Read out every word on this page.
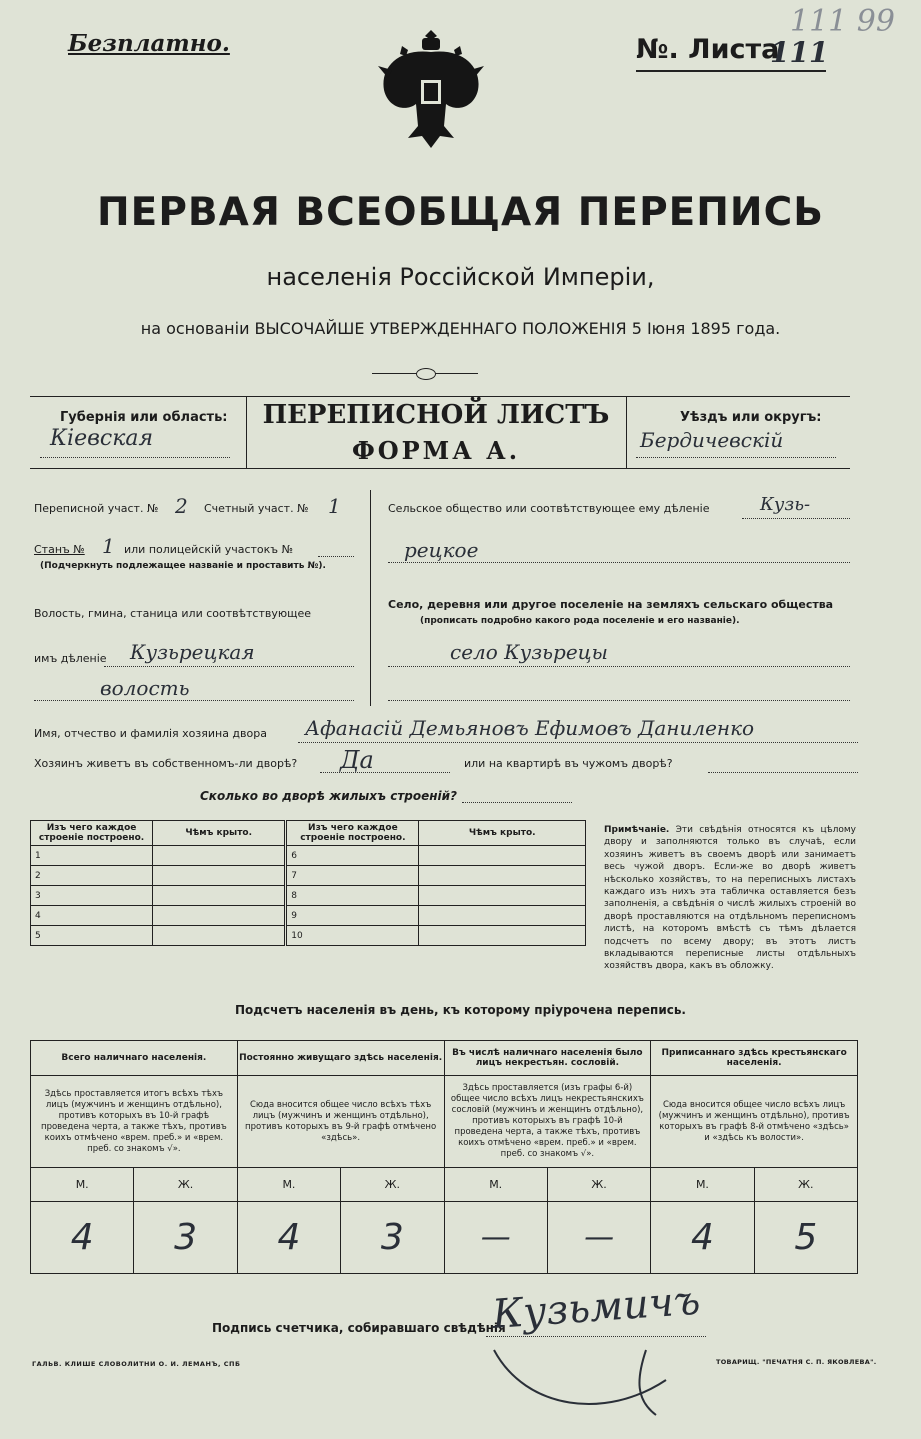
Безплатно.	№. Листа
111
111 99
ПЕРВАЯ ВСЕОБЩАЯ ПЕРЕПИСЬ
населенія Россійской Имперіи,
на основаніи ВЫСОЧАЙШЕ УТВЕРЖДЕННАГО ПОЛОЖЕНІЯ 5 Іюня 1895 года.
Губернія или область:
Кіевская
ПЕРЕПИСНОЙ ЛИСТЪ
ФОРМА А.
Уѣздъ или округъ:
Бердичевскій
Переписной участ. № 2 Счетный участ. № 1
Станъ № 1 или полицейскій участокъ №
(Подчеркнуть подлежащее названіе и проставить №).
Волость, гмина, станица или соотвѣтствующее
имъ дѣленіе Кузьрецкая
волость
Сельское общество или соотвѣтствующее ему дѣленіе	Кузь-
рецкое
Село, деревня или другое поселеніе на земляхъ сельскаго общества
(прописать подробно какого рода поселеніе и его названіе).
село Кузьрецы
Имя, отчество и фамилія хозяина двора Афанасій Демьяновъ Ефимовъ Даниленко
Хозяинъ живетъ въ собственномъ-ли дворѣ? Да	или на квартирѣ въ чужомъ дворѣ?
Сколько во дворѣ жилыхъ строеній?
Изъ чего каждое строеніе построено.	Чѣмъ крыто.	Изъ чего каждое строеніе построено.	Чѣмъ крыто.
1		6	
2		7	
3		8	
4		9	
5		10	
Примѣчаніе. Эти свѣдѣнія относятся къ цѣлому двору и заполняются только въ случаѣ, если хозяинъ живетъ въ своемъ дворѣ или занимаетъ весь чужой дворъ. Если-же во дворѣ живетъ нѣсколько хозяйствъ, то на переписныхъ листахъ каждаго изъ нихъ эта табличка оставляется безъ заполненія, а свѣдѣнія о числѣ жилыхъ строеній во дворѣ проставляются на отдѣльномъ переписномъ листѣ, на которомъ вмѣстѣ съ тѣмъ дѣлается подсчетъ по всему двору; въ этотъ листъ вкладываются переписные листы отдѣльныхъ хозяйствъ двора, какъ въ обложку.
Подсчетъ населенія въ день, къ которому пріурочена перепись.
Всего наличнаго населенія.		Постоянно живущаго здѣсь населенія.		Въ числѣ наличнаго населенія было лицъ некрестьян. сословій.		Приписаннаго здѣсь крестьянскаго населенія.	
Здѣсь проставляется итогъ всѣхъ тѣхъ лицъ (мужчинъ и женщинъ отдѣльно), противъ которыхъ въ 10-й графѣ проведена черта, а также тѣхъ, противъ коихъ отмѣчено «врем. преб.» и «врем. преб. со знакомъ √».		Сюда вносится общее число всѣхъ тѣхъ лицъ (мужчинъ и женщинъ отдѣльно), противъ которыхъ въ 9-й графѣ отмѣчено «здѣсь».		Здѣсь проставляется (изъ графы 6-й) общее число всѣхъ лицъ некрестьянскихъ сословій (мужчинъ и женщинъ отдѣльно), противъ которыхъ въ графѣ 10-й проведена черта, а также тѣхъ, противъ коихъ отмѣчено «врем. преб.» и «врем. преб. со знакомъ √».		Сюда вносится общее число всѣхъ лицъ (мужчинъ и женщинъ отдѣльно), противъ которыхъ въ графѣ 8-й отмѣчено «здѣсь» и «здѣсь къ волости».	
М.	Ж.	М.	Ж.	М.	Ж.	М.	Ж.
4	3	4	3	—	—	4	5
Подпись счетчика, собиравшаго свѣдѣнія
Кузьмичъ
ГАЛЬВ. КЛИШЕ СЛОВОЛИТНИ О. И. ЛЕМАНЪ, СПБ	ТОВАРИЩ. "ПЕЧАТНЯ С. П. ЯКОВЛЕВА".
